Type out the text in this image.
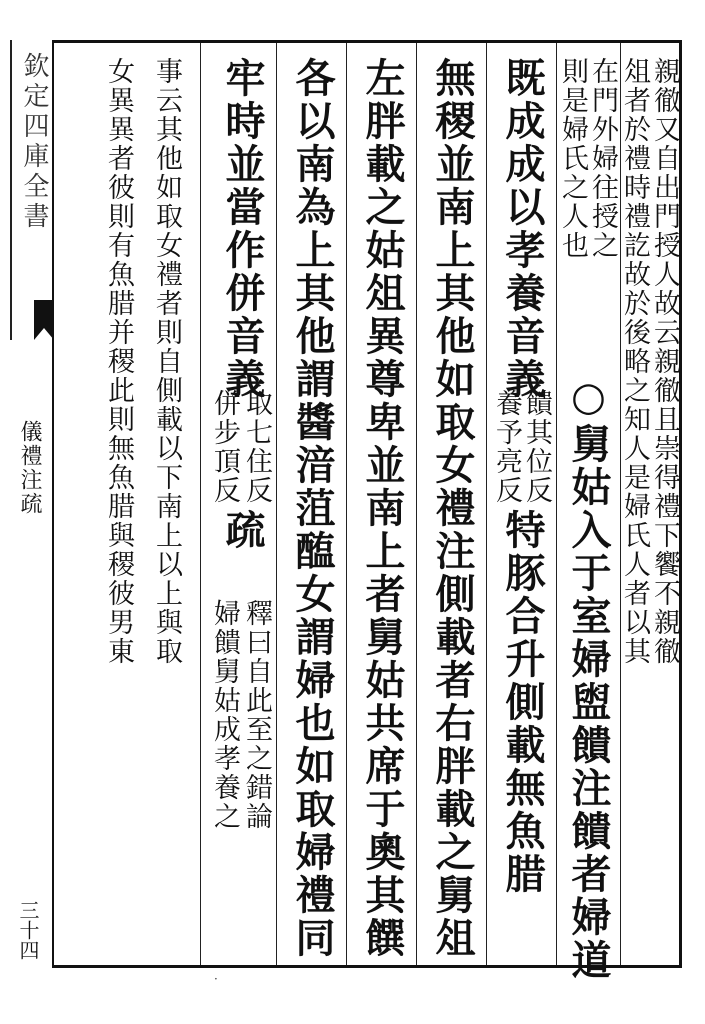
欽定四庫全書
儀禮注疏
三十四
親徹又自出門授人故云親徹且崇得禮下饗不親徹
俎者於禮時禮訖故於後略之知人是婦氏人者以其
在門外婦往授之
則是婦氏之人也
○舅姑入于室婦盥饋注饋者婦道
既成成以孝養音義
饋其位反
養予亮反
特豚合升側載無魚腊
無稷並南上其他如取女禮注側載者右胖載之舅俎
左胖載之姑俎異尊卑並南上者舅姑共席于奧其饌
各以南為上其他謂醬湆菹醢女謂婦也如取婦禮同
牢時並當作併音義
取七住反
併步頂反
疏
釋曰自此至之錯論
婦饋舅姑成孝養之
事云其他如取女禮者則自側載以下南上以上與取
女異異者彼則有魚腊并稷此則無魚腊與稷彼男東
·
